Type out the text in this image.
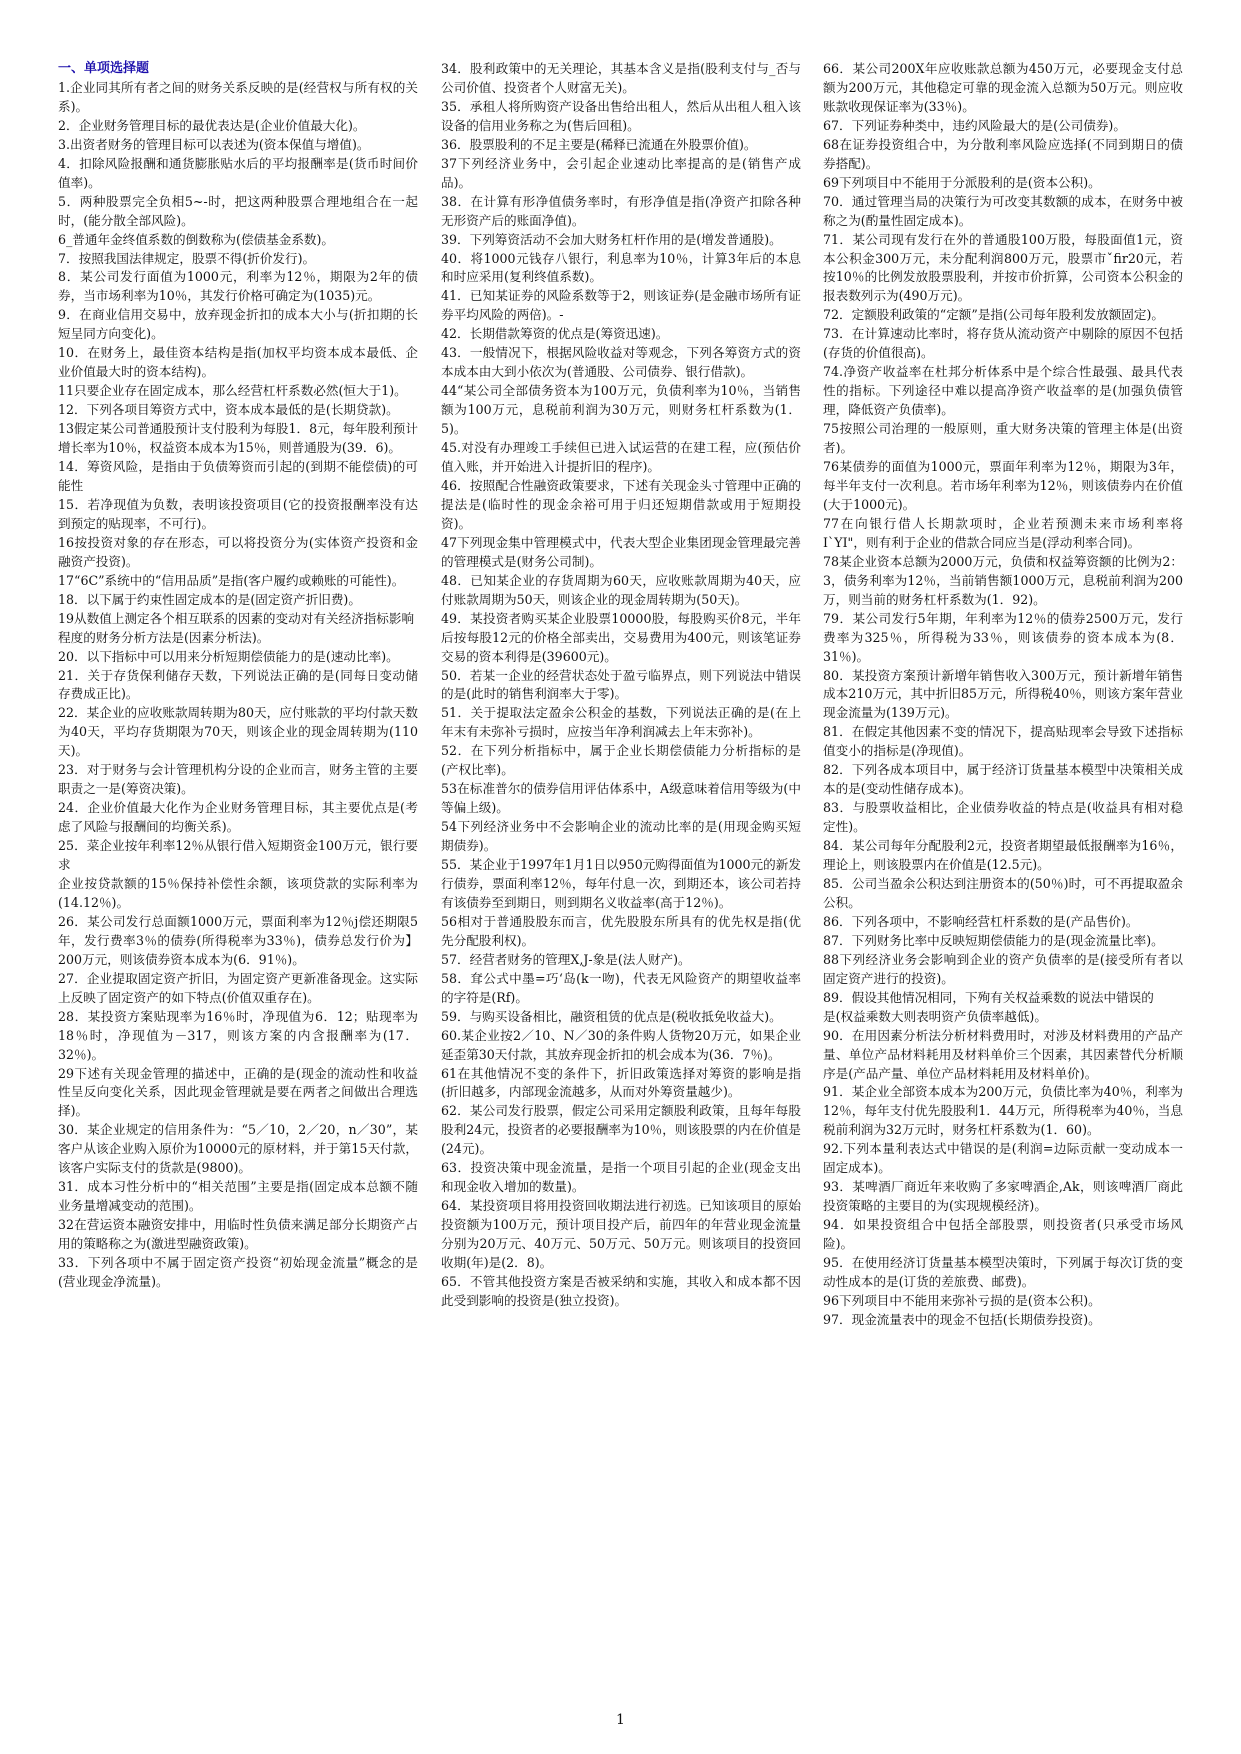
一、单项选择题

1.企业同其所有者之间的财务关系反映的是(经营权与所有权的关系)。

2．企业财务管理目标的最优表达是(企业价值最大化)。

3.出资者财务的管理目标可以表述为(资本保值与增值)。

4．扣除风险报酬和通货膨胀贴水后的平均报酬率是(货币时间价值率)。

5．两种股票完全负相5~-时，把这两种股票合理地组合在一起时，(能分散全部风险)。

6_普通年金终值系数的倒数称为(偿债基金系数)。

7．按照我国法律规定，股票不得(折价发行)。

8．某公司发行面值为1000元，利率为12％，期限为2年的债券，当市场利率为10％，其发行价格可确定为(1035)元。

9．在商业信用交易中，放弃现金折扣的成本大小与(折扣期的长短呈同方向变化)。

10．在财务上，最佳资本结构是指(加权平均资本成本最低、企业价值最大时的资本结构)。

11只要企业存在固定成本，那么经营杠杆系数必然(恒大于1)。

12．下列各项目筹资方式中，资本成本最低的是(长期贷款)。

13假定某公司普通股预计支付股利为每股1．8元，每年股利预计增长率为10％，权益资本成本为15％，则普通股为(39．6)。

14．筹资风险，是指由于负债筹资而引起的(到期不能偿债)的可能性

15．若净现值为负数，表明该投资项目(它的投资报酬率没有达到预定的贴现率，不可行)。

16按投资对象的存在形态，可以将投资分为(实体资产投资和金融资产投资)。

17“6C”系统中的“信用品质”是指(客户履约或赖账的可能性)。

18．以下属于约束性固定成本的是(固定资产折旧费)。

19从数值上测定各个相互联系的因素的变动对有关经济指标影响

程度的财务分析方法是(因素分析法)。

20．以下指标中可以用来分析短期偿债能力的是(速动比率)。

21．关于存货保利储存天数，下列说法正确的是(同每日变动储存费成正比)。

22．某企业的应收账款周转期为80天，应付账款的平均付款天数为40天，平均存货期限为70天，则该企业的现金周转期为(110天)。

23．对于财务与会计管理机构分设的企业而言，财务主管的主要职责之一是(筹资决策)。

24．企业价值最大化作为企业财务管理目标，其主要优点是(考虑了风险与报酬间的均衡关系)。

25．菜企业按年利率12％从银行借入短期资金100万元，银行要求

企业按贷款额的15％保持补偿性余额，该项贷款的实际利率为(14.12％)。

26．某公司发行总面额1000万元，票面利率为12％j偿还期限5年，发行费率3％的债券(所得税率为33％)，债券总发行价为】200万元，则该债券资本成本为(6．91％)。

27．企业提取固定资产折旧，为固定资产更新准备现金。这实际上反映了固定资产的如下特点(价值双重存在)。

28．某投资方案贴现率为16％时，净现值为6．12；贴现率为18％时，净现值为－317，则该方案的内含报酬率为(17．32％)。

29下述有关现金管理的描述中，正确的是(现金的流动性和收益性呈反向变化关系，因此现金管理就是要在两者之间做出合理选择)。

30．某企业规定的信用条件为：“5／10，2／20，n／30”，某客户从该企业购入原价为10000元的原材料，并于第15天付款，该客户实际支付的货款是(9800)。

31．成本习性分析中的“相关范围”主要是指(固定成本总额不随业务量增减变动的范围)。

32在营运资本融资安排中，用临时性负债来满足部分长期资产占用的策略称之为(激进型融资政策)。

33．下列各项中不属于固定资产投资“初始现金流量”概念的是(营业现金净流量)。

34．股利政策中的无关理论，其基本含义是指(股利支付与_否与公司价值、投资者个人财富无关)。

35．承租人将所购资产设备出售给出租人，然后从出租人租入该设备的信用业务称之为(售后回租)。

36．股票股利的不足主要是(稀释已流通在外股票价值)。

37下列经济业务中，会引起企业速动比率提高的是(销售产成品)。

38．在计算有形净值债务率时，有形净值是指(净资产扣除各种无形资产后的账面净值)。

39．下列筹资活动不会加大财务杠杆作用的是(增发普通股)。

40．将1000元钱存八银行，利息率为10％，计算3年后的本息和时应采用(复利终值系数)。

41．已知某证券的风险系数等于2，则该证券(是金融市场所有证券平均风险的两倍)。-

42．长期借款筹资的优点是(筹资迅速)。

43．一般情况下，根据风险收益对等观念，下列各筹资方式的资本成本由大到小依次为(普通股、公司债券、银行借款)。

44“某公司全部债务资本为100万元，负债利率为10％，当销售额为100万元，息税前利润为30万元，则财务杠杆系数为(1．5)。

45.对没有办理竣工手续但已进入试运营的在建工程，应(预估价值入账，并开始进入计提折旧的程序)。

46．按照配合性融资政策要求，下述有关现金头寸管理中正确的提法是(临时性的现金余裕可用于归还短期借款或用于短期投资)。

47下列现金集中管理模式中，代表大型企业集团现金管理最完善的管理模式是(财务公司制)。

48．已知某企业的存货周期为60天，应收账款周期为40天，应付账款周期为50天，则该企业的现金周转期为(50天)。

49．某投资者购买某企业股票10000股，每股购买价8元，半年后按每股12元的价格全部卖出，交易费用为400元，则该笔证券交易的资本利得是(39600元)。

50．若某一企业的经营状态处于盈亏临界点，则下列说法中错误的是(此时的销售利润率大于零)。

51．关于提取法定盈余公积金的基数，下列说法正确的是(在上年末有未弥补亏损时，应按当年净利润减去上年末弥补)。

52．在下列分析指标中，属于企业长期偿债能力分析指标的是(产权比率)。

53在标准普尔的债券信用评估体系中，A级意味着信用等级为(中等偏上级)。

54下列经济业务中不会影响企业的流动比率的是(用现金购买短期债券)。

55．某企业于1997年1月1日以950元购得面值为1000元的新发行债券，票面利率12％，每年付息一次，到期还本，该公司若持有该债券至到期日，则到期名义收益率(高于12％)。

56相对于普通股股东而言，优先股股东所具有的优先权是指(优先分配股利权)。

57．经营者财务的管理X,J-象是(法人财产)。

58．耷公式中墨=巧‘岛(k一吻)，代表无风险资产的期望收益率的字符是(Rf)。

59．与购买设备相比，融资租赁的优点是(税收抵免收益大)。

60.某企业按2／10、N／30的条件购人货物20万元，如果企业延歪第30天付款，其放弃现金折扣的机会成本为(36．7％)。

61在其他情况不变的条件下，折旧政策选择对筹资的影响是指(折旧越多，内部现金流越多，从而对外筹资量越少)。

62．某公司发行股票，假定公司采用定额股利政策，且每年每股股利24元，投资者的必要报酬率为10％，则该股票的内在价值是(24元)。

63．投资决策中现金流量，是指一个项目引起的企业(现金支出和现金收入增加的数量)。

64．某投资项目将用投资回收期法进行初选。已知该项目的原始投资额为100万元，预计项目投产后，前四年的年营业现金流量分别为20万元、40万元、50万元、50万元。则该项目的投资回收期(年)是(2．8)。

65．不管其他投资方案是否被采纳和实施，其收入和成本都不因此受到影响的投资是(独立投资)。

66．某公司200X年应收账款总额为450万元，必要现金支付总额为200万元，其他稳定可靠的现金流入总额为50万元。则应收账款收现保证率为(33％)。

67．下列证券种类中，违约风险最大的是(公司债券)。

68在证券投资组合中，为分散利率风险应选择(不同到期日的债券搭配)。

69下列项目中不能用于分派股利的是(资本公积)。

70．通过管理当局的决策行为可改变其数额的成本，在财务中被称之为(酌量性固定成本)。

71．某公司现有发行在外的普通股100万股，每股面值1元，资本公积金300万元，未分配利润800万元，股票市ˇfir20元，若按10％的比例发放股票股利，并按市价折算，公司资本公积金的报表数列示为(490万元)。

72．定额股利政策的“定额”是指(公司每年股利发放额固定)。

73．在计算速动比率时，将存货从流动资产中剔除的原因不包括(存货的价值很高)。

74.净资产收益率在杜邦分析体系中是个综合性最强、最具代表性的指标。下列途径中难以提高净资产收益率的是(加强负债管理，降低资产负债率)。

75按照公司治理的一般原则，重大财务决策的管理主体是(出资者)。

76某债券的面值为1000元，票面年利率为12％，期限为3年，每半年支付一次利息。若市场年利率为12％，则该债券内在价值(大于1000元)。

77在向银行借人长期款项时，企业若预测未来市场利率将I`YI"，则有利于企业的借款合同应当是(浮动利率合同)。

78某企业资本总额为2000万元，负债和权益筹资额的比例为2：3，债务利率为12％，当前销售额1000万元，息税前利润为200万，则当前的财务杠杆系数为(1．92)。

79．某公司发行5年期，年利率为12％的债券2500万元，发行费率为325％，所得税为33％，则该债券的资本成本为(8．31％)。

80．某投资方案预计新增年销售收入300万元，预计新增年销售成本210万元，其中折旧85万元，所得税40％，则该方案年营业现金流量为(139万元)。

81．在假定其他因素不变的情况下，提高贴现率会导致下述指标值变小的指标是(净现值)。

82．下列各成本项目中，属于经济订货量基本模型中决策相关成本的是(变动性储存成本)。

83．与股票收益相比，企业债券收益的特点是(收益具有相对稳定性)。

84．某公司每年分配股利2元，投资者期望最低报酬率为16％，理论上，则该股票内在价值是(12.5元)。

85．公司当盈余公积达到注册资本的(50％)时，可不再提取盈余公积。

86．下列各项中，不影响经营杠杆系数的是(产品售价)。

87．下列财务比率中反映短期偿债能力的是(现金流量比率)。

88下列经济业务会影响到企业的资产负债率的是(接受所有者以固定资产进行的投资)。

89．假设其他情况相同，下殉有关权益乘数的说法中错误的

是(权益乘数大则表明资产负债率越低)。

90．在用因素分析法分析材料费用时，对涉及材料费用的产品产量、单位产品材料耗用及材料单价三个因素，其因素替代分析顺序是(产品产量、单位产品材料耗用及材料单价)。

91．某企业全部资本成本为200万元，负债比率为40％，利率为12％，每年支付优先股股利1．44万元，所得税率为40％，当息税前利润为32万元时，财务杠杆系数为(1．60)。

92.下列本量利表达式中错误的是(利润=边际贡献一变动成本一固定成本)。

93．某啤酒厂商近年来收购了多家啤酒企,Ak，则该啤酒厂商此投资策略的主要目的为(实现规模经济)。

94．如果投资组合中包括全部股票，则投资者(只承受市场风险)。

95．在使用经济订货量基本模型决策时，下列属于每次订货的变动性成本的是(订货的差旅费、邮费)。

96下列项目中不能用来弥补亏损的是(资本公积)。

97．现金流量表中的现金不包括(长期债券投资)。

1
